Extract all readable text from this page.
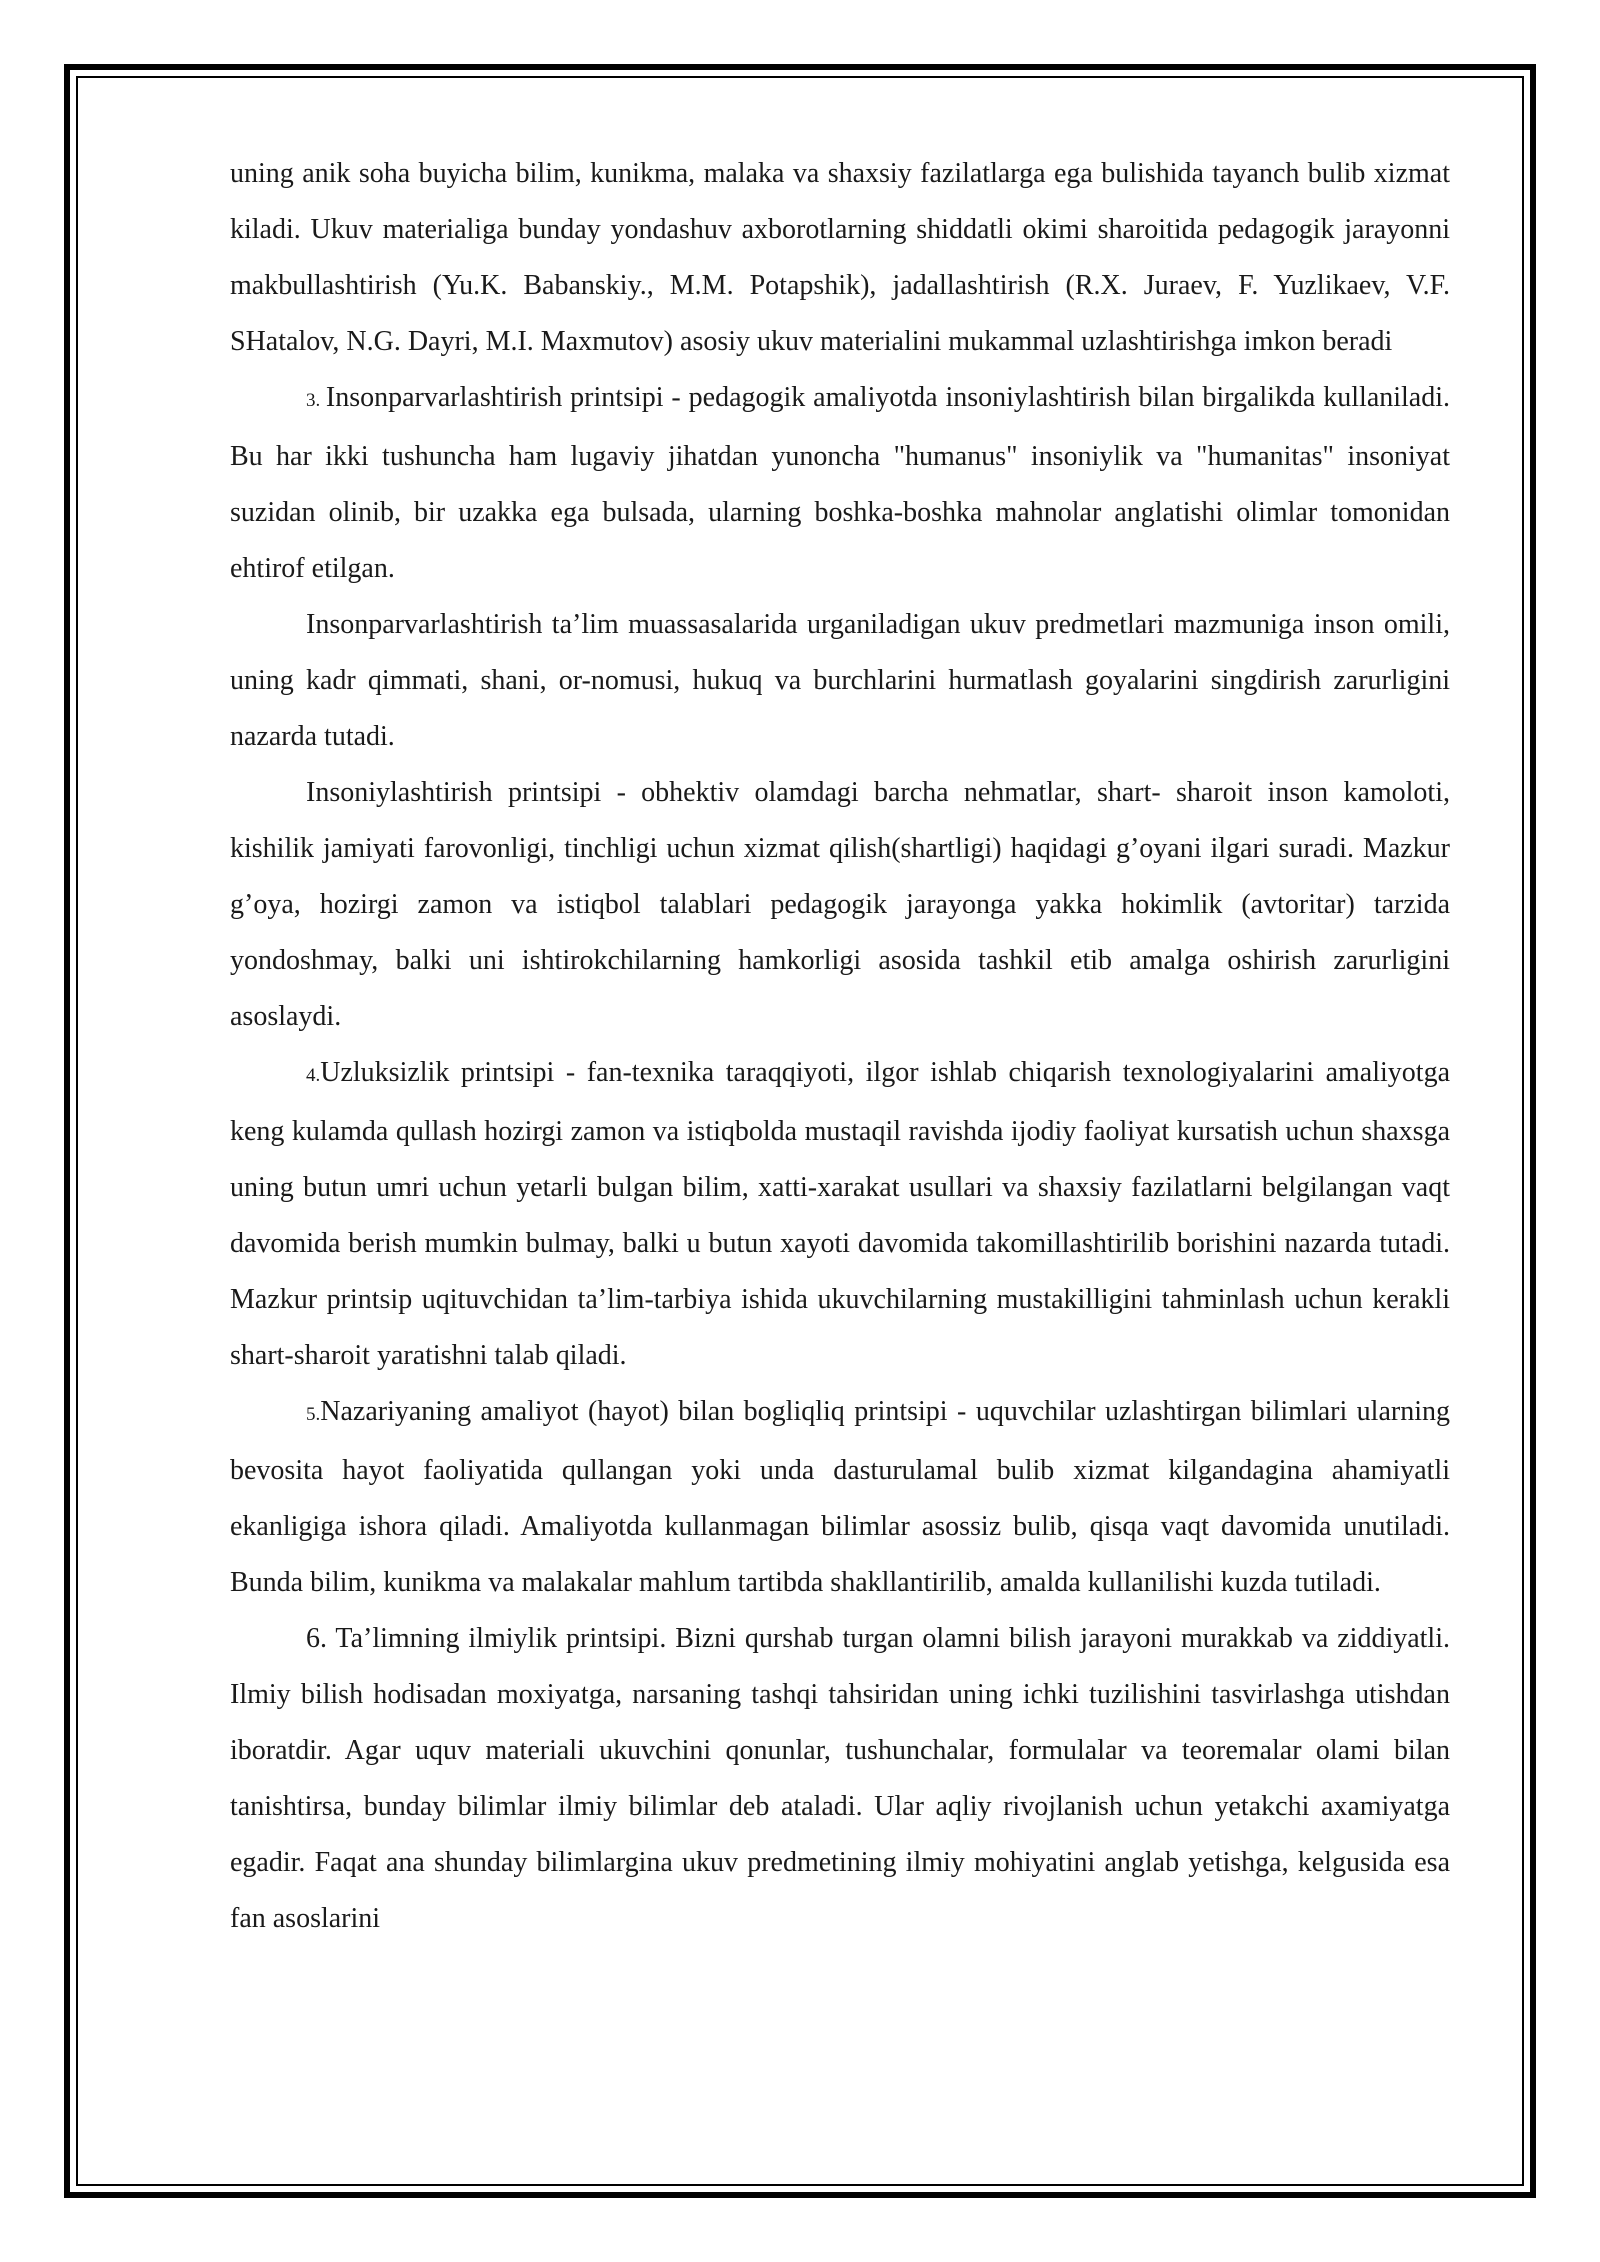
uning anik soha buyicha bilim, kunikma, malaka va shaxsiy fazilatlarga ega bulishida tayanch bulib xizmat kiladi. Ukuv materialiga bunday yondashuv axborotlarning shiddatli okimi sharoitida pedagogik jarayonni makbullashtirish (Yu.K. Babanskiy., M.M. Potapshik), jadallashtirish (R.X. Juraev, F. Yuzlikaev, V.F. SHatalov, N.G. Dayri, M.I. Maxmutov) asosiy ukuv materialini mukammal uzlashtirishga imkon beradi

3. Insonparvarlashtirish printsipi - pedagogik amaliyotda insoniylashtirish bilan birgalikda kullaniladi. Bu har ikki tushuncha ham lugaviy jihatdan yunoncha "humanus" insoniylik va "humanitas" insoniyat suzidan olinib, bir uzakka ega bulsada, ularning boshka-boshka mahnolar anglatishi olimlar tomonidan ehtirof etilgan.

Insonparvarlashtirish ta’lim muassasalarida urganiladigan ukuv predmetlari mazmuniga inson omili, uning kadr qimmati, shani, or-nomusi, hukuq va burchlarini hurmatlash goyalarini singdirish zarurligini nazarda tutadi.

Insoniylashtirish printsipi - obhektiv olamdagi barcha nehmatlar, shart- sharoit inson kamoloti, kishilik jamiyati farovonligi, tinchligi uchun xizmat qilish(shartligi) haqidagi g’oyani ilgari suradi. Mazkur g’oya, hozirgi zamon va istiqbol talablari pedagogik jarayonga yakka hokimlik (avtoritar) tarzida yondoshmay, balki uni ishtirokchilarning hamkorligi asosida tashkil etib amalga oshirish zarurligini asoslaydi.

4.Uzluksizlik printsipi - fan-texnika taraqqiyoti, ilgor ishlab chiqarish texnologiyalarini amaliyotga keng kulamda qullash hozirgi zamon va istiqbolda mustaqil ravishda ijodiy faoliyat kursatish uchun shaxsga uning butun umri uchun yetarli bulgan bilim, xatti-xarakat usullari va shaxsiy fazilatlarni belgilangan vaqt davomida berish mumkin bulmay, balki u butun xayoti davomida takomillashtirilib borishini nazarda tutadi. Mazkur printsip uqituvchidan ta’lim-tarbiya ishida ukuvchilarning mustakilligini tahminlash uchun kerakli shart-sharoit yaratishni talab qiladi.

5.Nazariyaning amaliyot (hayot) bilan bogliqliq printsipi - uquvchilar uzlashtirgan bilimlari ularning bevosita hayot faoliyatida qullangan yoki unda dasturulamal bulib xizmat kilgandagina ahamiyatli ekanligiga ishora qiladi. Amaliyotda kullanmagan bilimlar asossiz bulib, qisqa vaqt davomida unutiladi. Bunda bilim, kunikma va malakalar mahlum tartibda shakllantirilib, amalda kullanilishi kuzda tutiladi.

6. Ta’limning ilmiylik printsipi. Bizni qurshab turgan olamni bilish jarayoni murakkab va ziddiyatli. Ilmiy bilish hodisadan moxiyatga, narsaning tashqi tahsiridan uning ichki tuzilishini tasvirlashga utishdan iboratdir. Agar uquv materiali ukuvchini qonunlar, tushunchalar, formulalar va teoremalar olami bilan tanishtirsa, bunday bilimlar ilmiy bilimlar deb ataladi. Ular aqliy rivojlanish uchun yetakchi axamiyatga egadir. Faqat ana shunday bilimlargina ukuv predmetining ilmiy mohiyatini anglab yetishga, kelgusida esa fan asoslarini
